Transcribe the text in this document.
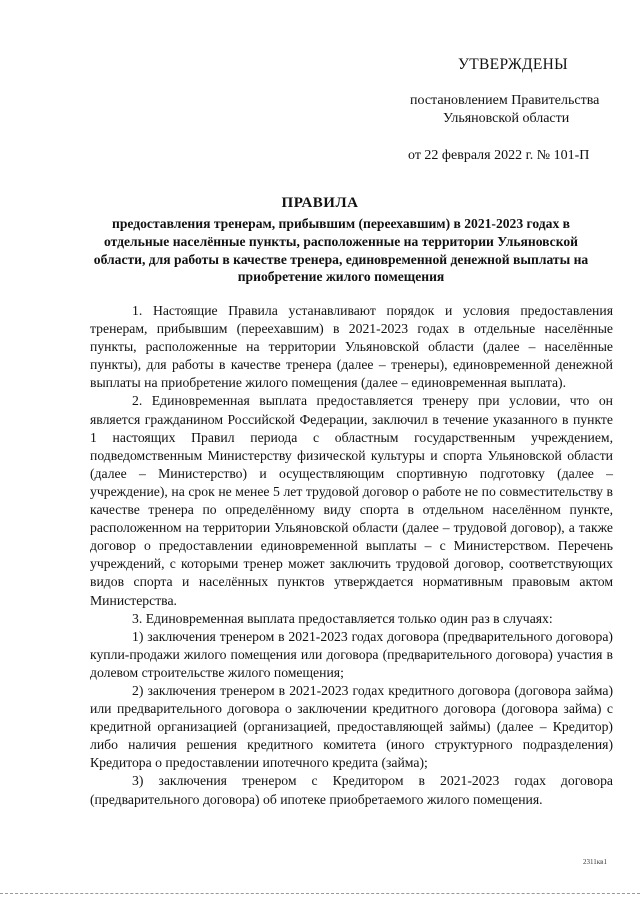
УТВЕРЖДЕНЫ
постановлением Правительства
Ульяновской области
от 22 февраля 2022 г. № 101-П
ПРАВИЛА
предоставления тренерам, прибывшим (переехавшим) в 2021-2023 годах в отдельные населённые пункты, расположенные на территории Ульяновской области, для работы в качестве тренера, единовременной денежной выплаты на приобретение жилого помещения

1. Настоящие Правила устанавливают порядок и условия предоставления тренерам, прибывшим (переехавшим) в 2021-2023 годах в отдельные населённые пункты, расположенные на территории Ульяновской области (далее – населённые пункты), для работы в качестве тренера (далее – тренеры), единовременной денежной выплаты на приобретение жилого помещения (далее – единовременная выплата).

2. Единовременная выплата предоставляется тренеру при условии, что он является гражданином Российской Федерации, заключил в течение указанного в пункте 1 настоящих Правил периода с областным государственным учреждением, подведомственным Министерству физической культуры и спорта Ульяновской области (далее – Министерство) и осуществляющим спортивную подготовку (далее – учреждение), на срок не менее 5 лет трудовой договор о работе не по совместительству в качестве тренера по определённому виду спорта в отдельном населённом пункте, расположенном на территории Ульяновской области (далее – трудовой договор), а также договор о предоставлении единовременной выплаты – с Министерством. Перечень учреждений, с которыми тренер может заключить трудовой договор, соответствующих видов спорта и населённых пунктов утверждается нормативным правовым актом Министерства.

3. Единовременная выплата предоставляется только один раз в случаях:

1) заключения тренером в 2021-2023 годах договора (предварительного договора) купли-продажи жилого помещения или договора (предварительного договора) участия в долевом строительстве жилого помещения;

2) заключения тренером в 2021-2023 годах кредитного договора (договора займа) или предварительного договора о заключении кредитного договора (договора займа) с кредитной организацией (организацией, предоставляющей займы) (далее – Кредитор) либо наличия решения кредитного комитета (иного структурного подразделения) Кредитора о предоставлении ипотечного кредита (займа);

3) заключения тренером с Кредитором в 2021-2023 годах договора (предварительного договора) об ипотеке приобретаемого жилого помещения.

2311кв1
